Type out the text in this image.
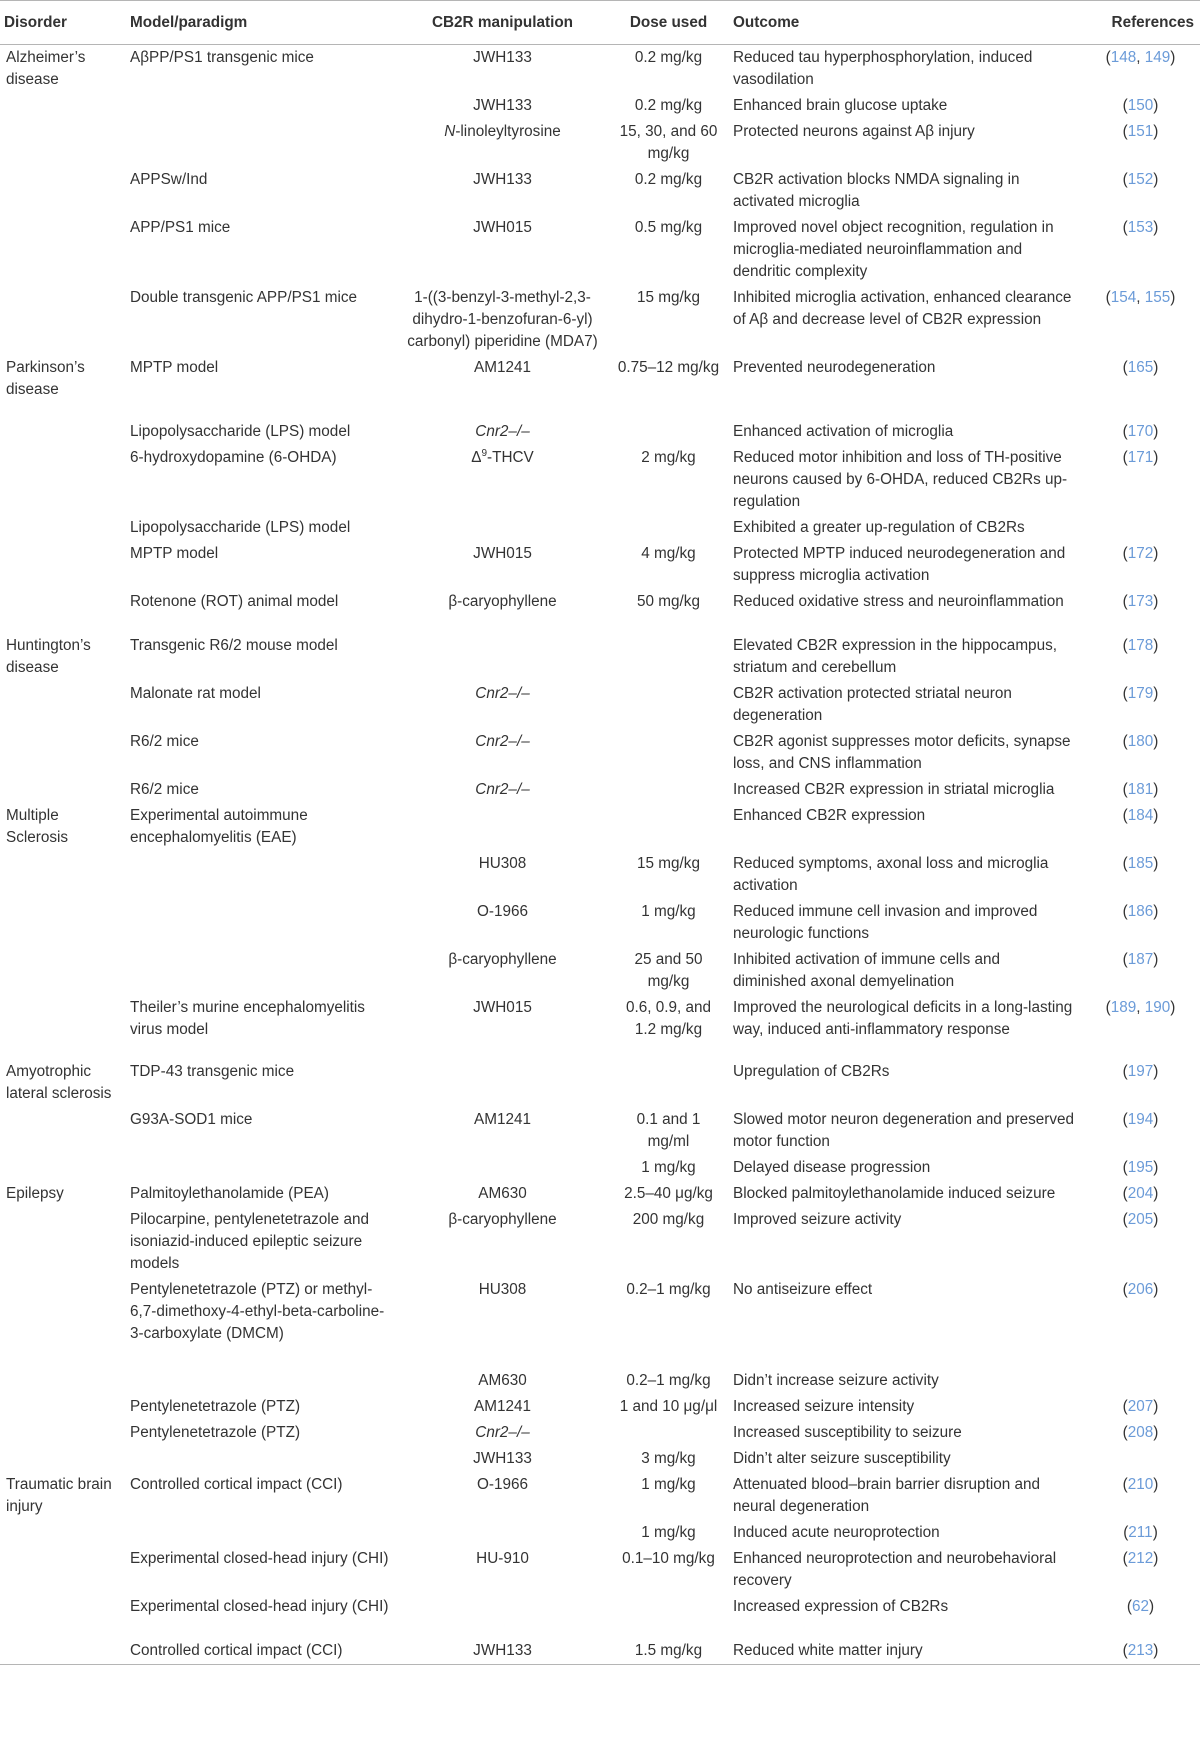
Disorder	Model/paradigm	CB2R manipulation	Dose used	Outcome	References
Alzheimer’s disease	AβPP/PS1 transgenic mice	JWH133	0.2 mg/kg	Reduced tau hyperphosphorylation, induced vasodilation	(148, 149)
		JWH133	0.2 mg/kg	Enhanced brain glucose uptake	(150)
		N-linoleyltyrosine	15, 30, and 60 mg/kg	Protected neurons against Aβ injury	(151)
	APPSw/Ind	JWH133	0.2 mg/kg	CB2R activation blocks NMDA signaling in activated microglia	(152)
	APP/PS1 mice	JWH015	0.5 mg/kg	Improved novel object recognition, regulation in microglia-mediated neuroinflammation and dendritic complexity	(153)
	Double transgenic APP/PS1 mice	1-((3-benzyl-3-methyl-2,3-dihydro-1-benzofuran-6-yl) carbonyl) piperidine (MDA7)	15 mg/kg	Inhibited microglia activation, enhanced clearance of Aβ and decrease level of CB2R expression	(154, 155)
Parkinson’s disease	MPTP model	AM1241	0.75–12 mg/kg	Prevented neurodegeneration	(165)
	Lipopolysaccharide (LPS) model	Cnr2–/–		Enhanced activation of microglia	(170)
	6-hydroxydopamine (6-OHDA)	$\Delta^9$-THCV	2 mg/kg	Reduced motor inhibition and loss of TH-positive neurons caused by 6-OHDA, reduced CB2Rs up-regulation	(171)
	Lipopolysaccharide (LPS) model			Exhibited a greater up-regulation of CB2Rs	
	MPTP model	JWH015	4 mg/kg	Protected MPTP induced neurodegeneration and suppress microglia activation	(172)
	Rotenone (ROT) animal model	β-caryophyllene	50 mg/kg	Reduced oxidative stress and neuroinflammation	(173)
Huntington’s disease	Transgenic R6/2 mouse model			Elevated CB2R expression in the hippocampus, striatum and cerebellum	(178)
	Malonate rat model	Cnr2–/–		CB2R activation protected striatal neuron degeneration	(179)
	R6/2 mice	Cnr2–/–		CB2R agonist suppresses motor deficits, synapse loss, and CNS inflammation	(180)
	R6/2 mice	Cnr2–/–		Increased CB2R expression in striatal microglia	(181)
Multiple Sclerosis	Experimental autoimmune encephalomyelitis (EAE)			Enhanced CB2R expression	(184)
		HU308	15 mg/kg	Reduced symptoms, axonal loss and microglia activation	(185)
		O-1966	1 mg/kg	Reduced immune cell invasion and improved neurologic functions	(186)
		β-caryophyllene	25 and 50 mg/kg	Inhibited activation of immune cells and diminished axonal demyelination	(187)
	Theiler’s murine encephalomyelitis virus model	JWH015	0.6, 0.9, and 1.2 mg/kg	Improved the neurological deficits in a long-lasting way, induced anti-inflammatory response	(189, 190)
Amyotrophic lateral sclerosis	TDP-43 transgenic mice			Upregulation of CB2Rs	(197)
	G93A-SOD1 mice	AM1241	0.1 and 1 mg/ml	Slowed motor neuron degeneration and preserved motor function	(194)
			1 mg/kg	Delayed disease progression	(195)
Epilepsy	Palmitoylethanolamide (PEA)	AM630	2.5–40 μg/kg	Blocked palmitoylethanolamide induced seizure	(204)
	Pilocarpine, pentylenetetrazole and isoniazid-induced epileptic seizure models	β-caryophyllene	200 mg/kg	Improved seizure activity	(205)
	Pentylenetetrazole (PTZ) or methyl-6,7-dimethoxy-4-ethyl-beta-carboline-3-carboxylate (DMCM)	HU308	0.2–1 mg/kg	No antiseizure effect	(206)
		AM630	0.2–1 mg/kg	Didn’t increase seizure activity	
	Pentylenetetrazole (PTZ)	AM1241	1 and 10 μg/μl	Increased seizure intensity	(207)
	Pentylenetetrazole (PTZ)	Cnr2–/–		Increased susceptibility to seizure	(208)
		JWH133	3 mg/kg	Didn’t alter seizure susceptibility	
Traumatic brain injury	Controlled cortical impact (CCI)	O-1966	1 mg/kg	Attenuated blood–brain barrier disruption and neural degeneration	(210)
			1 mg/kg	Induced acute neuroprotection	(211)
	Experimental closed-head injury (CHI)	HU-910	0.1–10 mg/kg	Enhanced neuroprotection and neurobehavioral recovery	(212)
	Experimental closed-head injury (CHI)			Increased expression of CB2Rs	(62)
	Controlled cortical impact (CCI)	JWH133	1.5 mg/kg	Reduced white matter injury	(213)
